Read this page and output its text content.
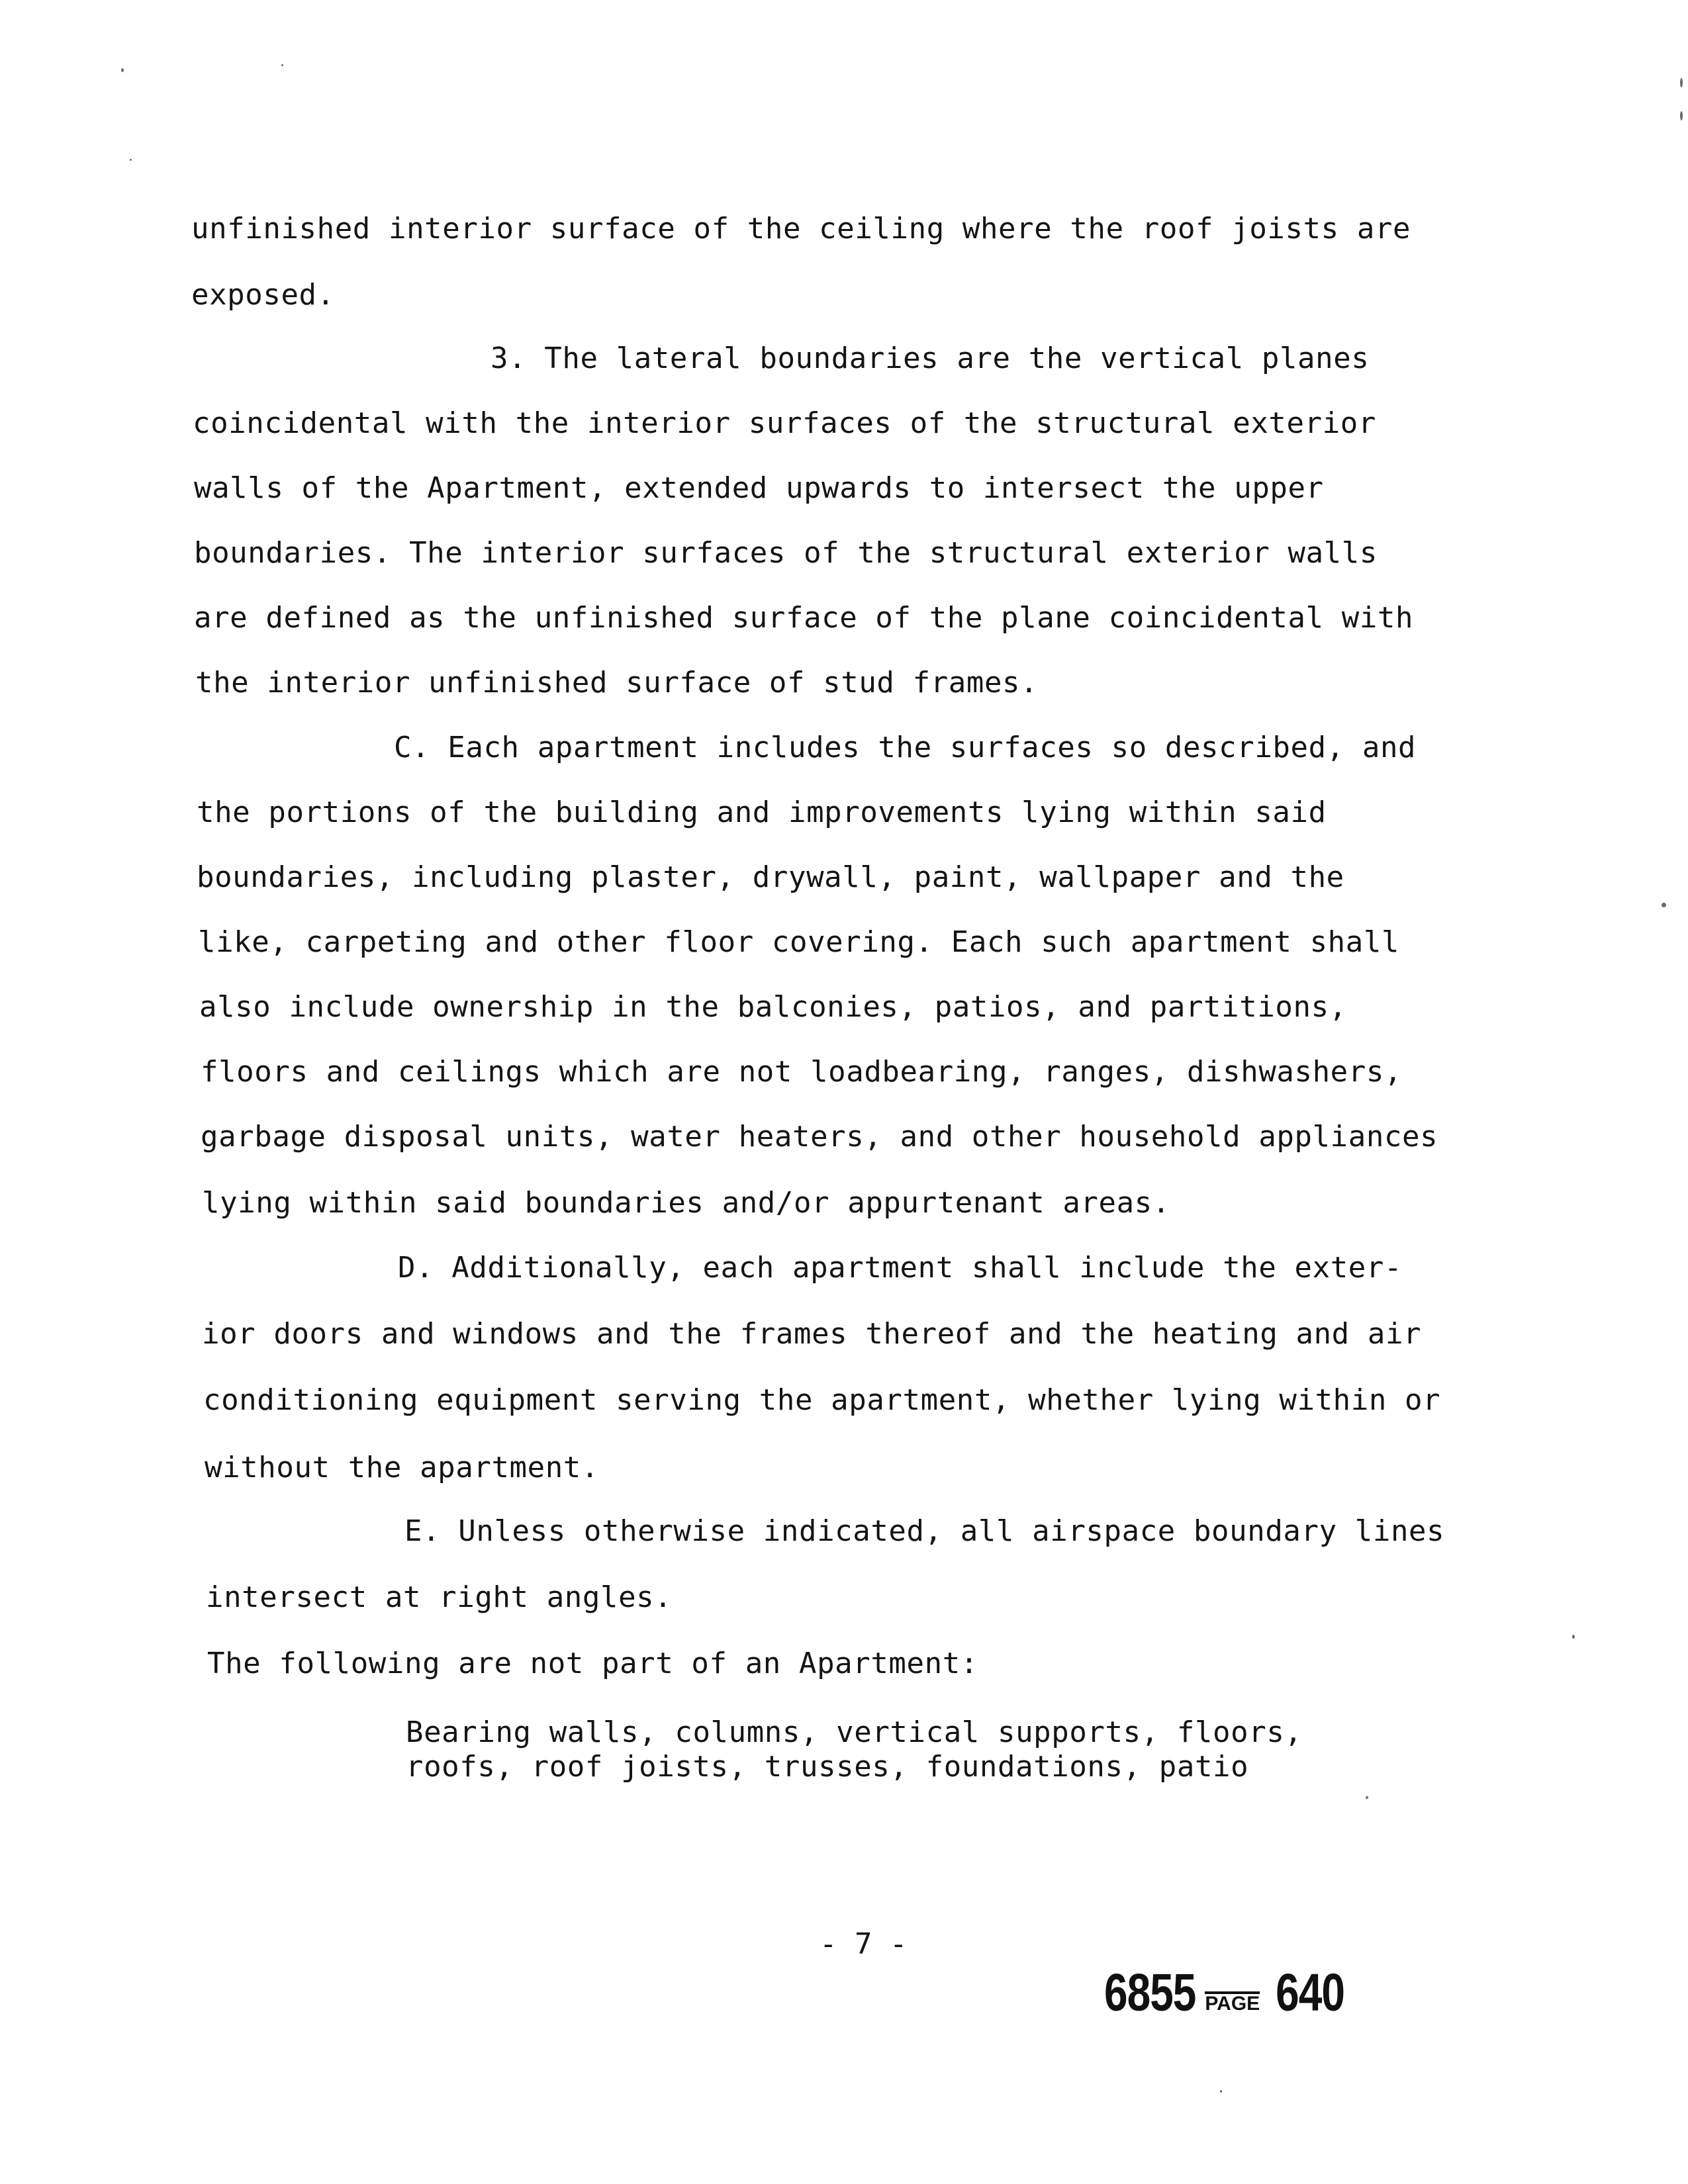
unfinished interior surface of the ceiling where the roof joists are
exposed.
3. The lateral boundaries are the vertical planes
coincidental with the interior surfaces of the structural exterior
walls of the Apartment, extended upwards to intersect the upper
boundaries. The interior surfaces of the structural exterior walls
are defined as the unfinished surface of the plane coincidental with
the interior unfinished surface of stud frames.
C. Each apartment includes the surfaces so described, and
the portions of the building and improvements lying within said
boundaries, including plaster, drywall, paint, wallpaper and the
like, carpeting and other floor covering. Each such apartment shall
also include ownership in the balconies, patios, and partitions,
floors and ceilings which are not loadbearing, ranges, dishwashers,
garbage disposal units, water heaters, and other household appliances
lying within said boundaries and/or appurtenant areas.
D. Additionally, each apartment shall include the exter-
ior doors and windows and the frames thereof and the heating and air
conditioning equipment serving the apartment, whether lying within or
without the apartment.
E. Unless otherwise indicated, all airspace boundary lines
intersect at right angles.
The following are not part of an Apartment:
Bearing walls, columns, vertical supports, floors,
roofs, roof joists, trusses, foundations, patio
- 7 -
6855 PAGE 640
